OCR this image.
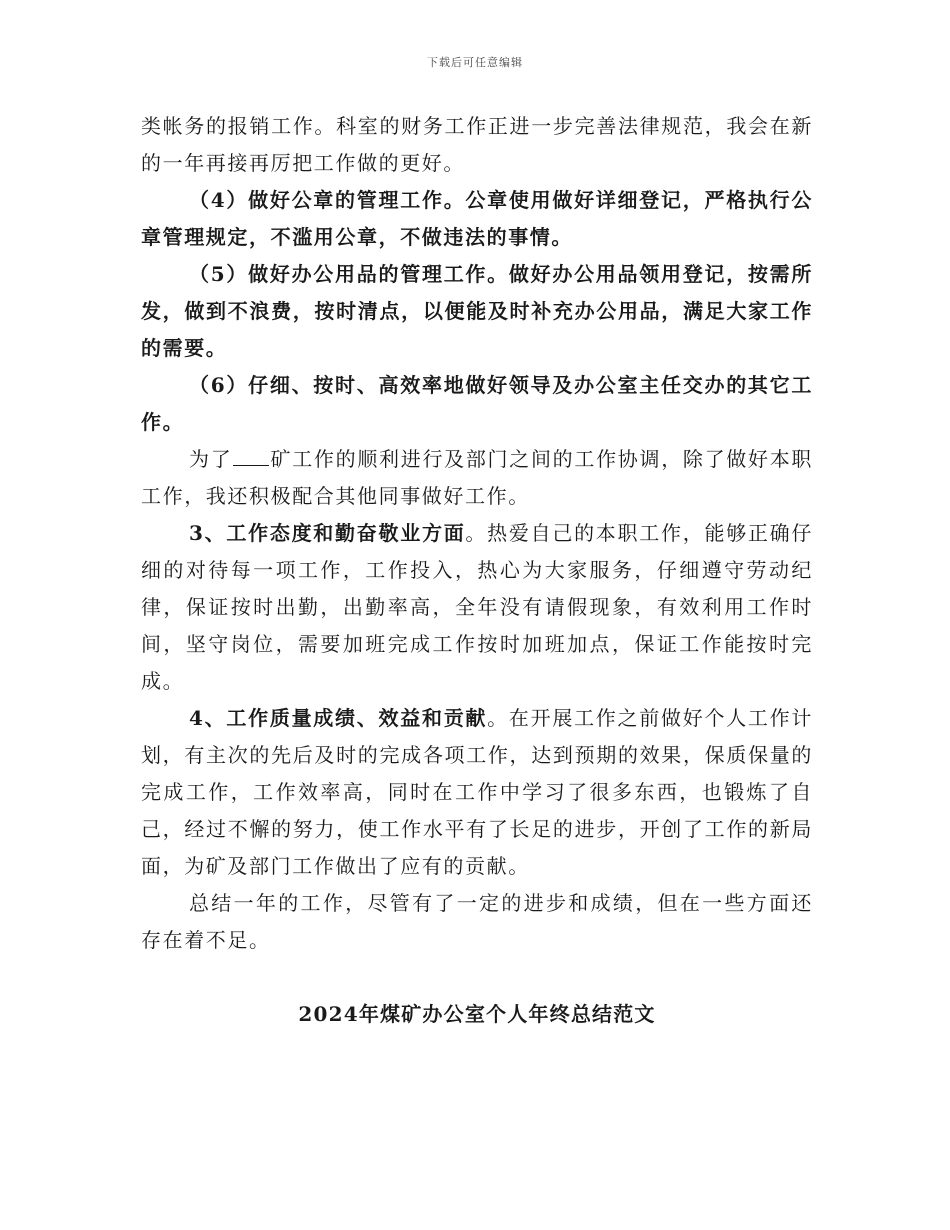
下载后可任意编辑

类帐务的报销工作。科室的财务工作正进一步完善法律规范，我会在新的一年再接再厉把工作做的更好。

（4）做好公章的管理工作。公章使用做好详细登记，严格执行公章管理规定，不滥用公章，不做违法的事情。

（5）做好办公用品的管理工作。做好办公用品领用登记，按需所发，做到不浪费，按时清点，以便能及时补充办公用品，满足大家工作的需要。

（6）仔细、按时、高效率地做好领导及办公室主任交办的其它工作。

为了 矿工作的顺利进行及部门之间的工作协调，除了做好本职工作，我还积极配合其他同事做好工作。

3、工作态度和勤奋敬业方面。热爱自己的本职工作，能够正确仔细的对待每一项工作，工作投入，热心为大家服务，仔细遵守劳动纪律，保证按时出勤，出勤率高，全年没有请假现象，有效利用工作时间，坚守岗位，需要加班完成工作按时加班加点，保证工作能按时完成。

4、工作质量成绩、效益和贡献。在开展工作之前做好个人工作计划，有主次的先后及时的完成各项工作，达到预期的效果，保质保量的完成工作，工作效率高，同时在工作中学习了很多东西，也锻炼了自己，经过不懈的努力，使工作水平有了长足的进步，开创了工作的新局面，为矿及部门工作做出了应有的贡献。

总结一年的工作，尽管有了一定的进步和成绩，但在一些方面还存在着不足。

2024年煤矿办公室个人年终总结范文
